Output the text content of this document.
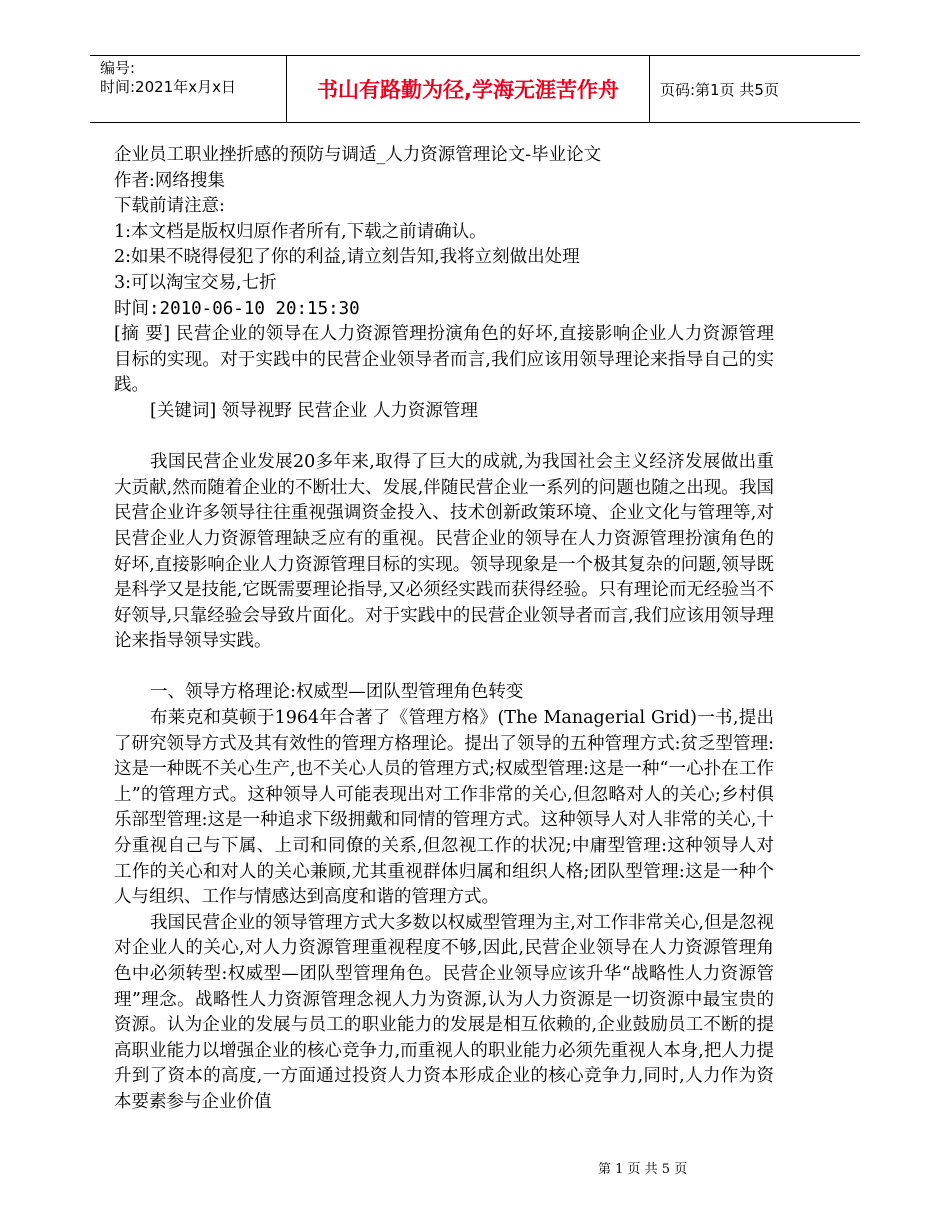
编号:
时间:2021年x月x日	书山有路勤为径,学海无涯苦作舟	页码:第1页 共5页

企业员工职业挫折感的预防与调适_人力资源管理论文-毕业论文

作者:网络搜集

下载前请注意:

1:本文档是版权归原作者所有,下载之前请确认。

2:如果不晓得侵犯了你的利益,请立刻告知,我将立刻做出处理

3:可以淘宝交易,七折

时间:2010-06-10 20:15:30

[摘 要] 民营企业的领导在人力资源管理扮演角色的好坏,直接影响企业人力资源管理目标的实现。对于实践中的民营企业领导者而言,我们应该用领导理论来指导自己的实践。

[关键词] 领导视野 民营企业 人力资源管理

我国民营企业发展20多年来,取得了巨大的成就,为我国社会主义经济发展做出重大贡献,然而随着企业的不断壮大、发展,伴随民营企业一系列的问题也随之出现。我国民营企业许多领导往往重视强调资金投入、技术创新政策环境、企业文化与管理等,对民营企业人力资源管理缺乏应有的重视。民营企业的领导在人力资源管理扮演角色的好坏,直接影响企业人力资源管理目标的实现。领导现象是一个极其复杂的问题,领导既是科学又是技能,它既需要理论指导,又必须经实践而获得经验。只有理论而无经验当不好领导,只靠经验会导致片面化。对于实践中的民营企业领导者而言,我们应该用领导理论来指导领导实践。

一、领导方格理论:权威型—团队型管理角色转变

布莱克和莫顿于1964年合著了《管理方格》(The Managerial Grid)一书,提出了研究领导方式及其有效性的管理方格理论。提出了领导的五种管理方式:贫乏型管理:这是一种既不关心生产,也不关心人员的管理方式;权威型管理:这是一种“一心扑在工作上”的管理方式。这种领导人可能表现出对工作非常的关心,但忽略对人的关心;乡村俱乐部型管理:这是一种追求下级拥戴和同情的管理方式。这种领导人对人非常的关心,十分重视自己与下属、上司和同僚的关系,但忽视工作的状况;中庸型管理:这种领导人对工作的关心和对人的关心兼顾,尤其重视群体归属和组织人格;团队型管理:这是一种个人与组织、工作与情感达到高度和谐的管理方式。

我国民营企业的领导管理方式大多数以权威型管理为主,对工作非常关心,但是忽视对企业人的关心,对人力资源管理重视程度不够,因此,民营企业领导在人力资源管理角色中必须转型:权威型—团队型管理角色。民营企业领导应该升华“战略性人力资源管理”理念。战略性人力资源管理念视人力为资源,认为人力资源是一切资源中最宝贵的资源。认为企业的发展与员工的职业能力的发展是相互依赖的,企业鼓励员工不断的提高职业能力以增强企业的核心竞争力,而重视人的职业能力必须先重视人本身,把人力提升到了资本的高度,一方面通过投资人力资本形成企业的核心竞争力,同时,人力作为资本要素参与企业价值

第 1 页 共 5 页
